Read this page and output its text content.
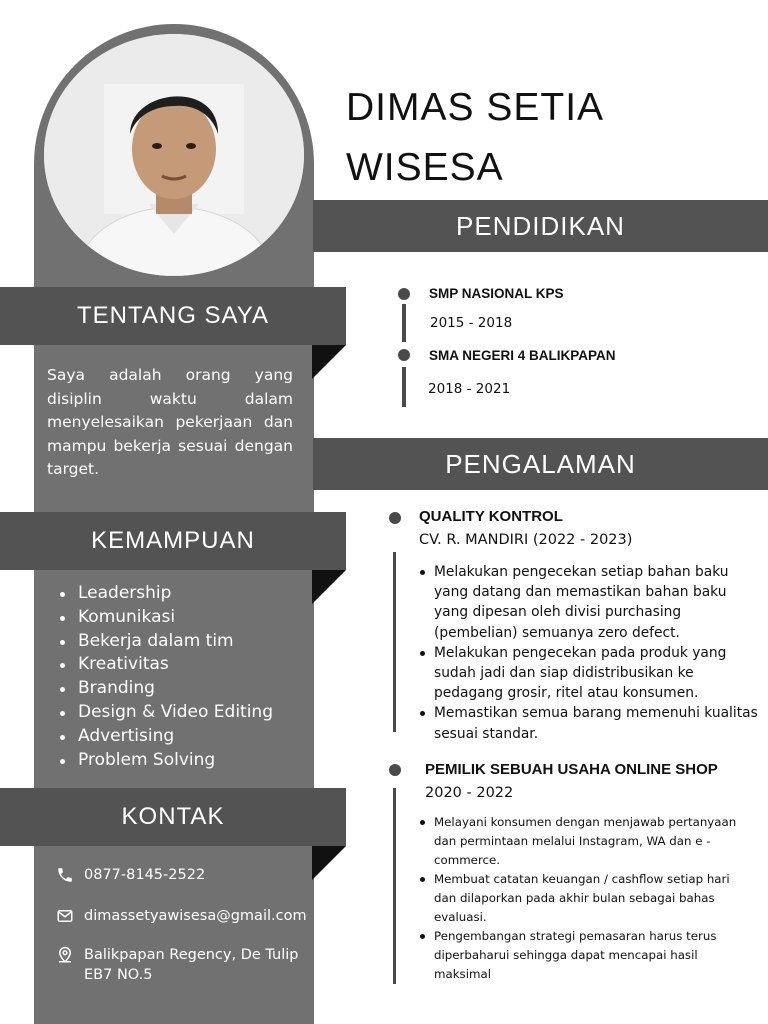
TENTANG SAYA

Saya adalah orang yang disiplin waktu dalam menyelesaikan pekerjaan dan mampu bekerja sesuai dengan target.

KEMAMPUAN
Leadership
Komunikasi
Bekerja dalam tim
Kreativitas
Branding
Design & Video Editing
Advertising
Problem Solving
KONTAK
0877-8145-2522
dimassetyawisesa@gmail.com
Balikpapan Regency, De Tulip
EB7 NO.5
DIMAS SETIA
WISESA
PENDIDIKAN
SMP NASIONAL KPS
2015 - 2018
SMA NEGERI 4 BALIKPAPAN
2018 - 2021
PENGALAMAN
QUALITY KONTROL
CV. R. MANDIRI (2022 - 2023)
Melakukan pengecekan setiap bahan baku yang datang dan memastikan bahan baku yang dipesan oleh divisi purchasing (pembelian) semuanya zero defect.
Melakukan pengecekan pada produk yang sudah jadi dan siap didistribusikan ke pedagang grosir, ritel atau konsumen.
Memastikan semua barang memenuhi kualitas sesuai standar.
PEMILIK SEBUAH USAHA ONLINE SHOP
2020 - 2022
Melayani konsumen dengan menjawab pertanyaan dan permintaan melalui Instagram, WA dan e - commerce.
Membuat catatan keuangan / cashflow setiap hari dan dilaporkan pada akhir bulan sebagai bahas evaluasi.
Pengembangan strategi pemasaran harus terus diperbaharui sehingga dapat mencapai hasil maksimal
